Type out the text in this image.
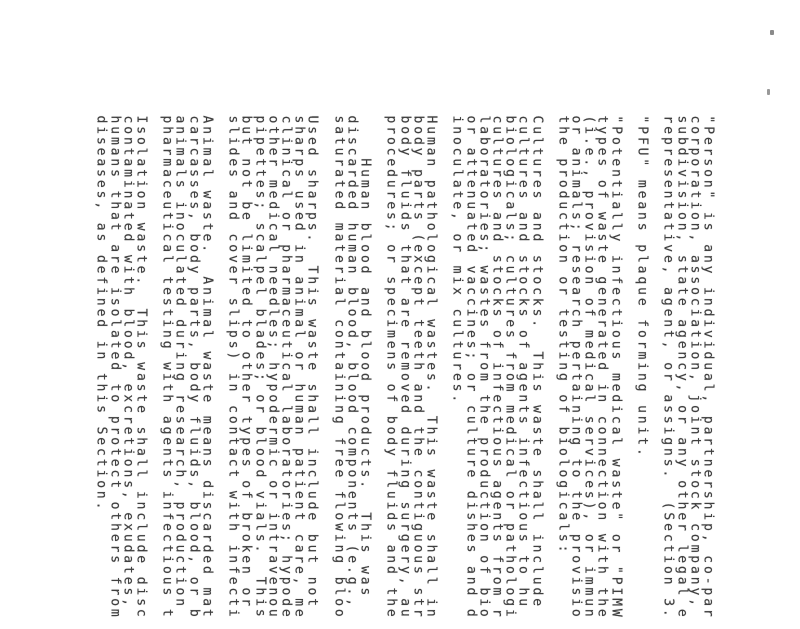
"Person" is any individual, partnership, co-par
corporation, association, joint stock company,
subdivision, state agency, or any other legal e
representative, agent, or assigns.  (Section 3.

"PFU" means plaque forming unit.

"Potentially infectious medical waste" or "PIMW
types of waste generated in connection with the
(i.e., provision of medical services), or immun
or animals; research pertaining to the provisio
the production or testing of biologicals:

Cultures and stocks.  This waste shall include
cultures and stocks of agents infectious to hu
biologicals; cultures from medical or pathologi
cultures and stocks of infectious agents from r
laboratories; wastes from the production of bio
or attenuated vaccines; or culture dishes and d
inoculate, or mix cultures.

Human pathological wastes.  This waste shall in
body parts (except teeth and the contiguous str
body fluids that are removed during surgery, au
procedures; or specimens of body fluids and the

Human blood and blood products.  This was
discarded human blood, blood components (e.g.,
saturated material containing free flowing bloo

Used sharps.  This waste shall include but not
sharps used in animal or human patient care, me
clinical or pharmaceutical laboratories; hypode
other medical needles; hypodermic or intravenou
pipettes; scalpel blades; or blood vials.  This
but not be limited to other types of broken or
slides and cover slips) in contact with infecti

Animal waste.  Animal waste means discarded mat
carcasses, body parts, body fluids, blood, or b
animals inoculated during research, production
pharmaceutical testing with agents infectious t

Isolation waste.  This waste shall include disc
contaminated with blood, excretions, exudates,
humans that are isolated to protect others from
diseases, as defined in this Section.
